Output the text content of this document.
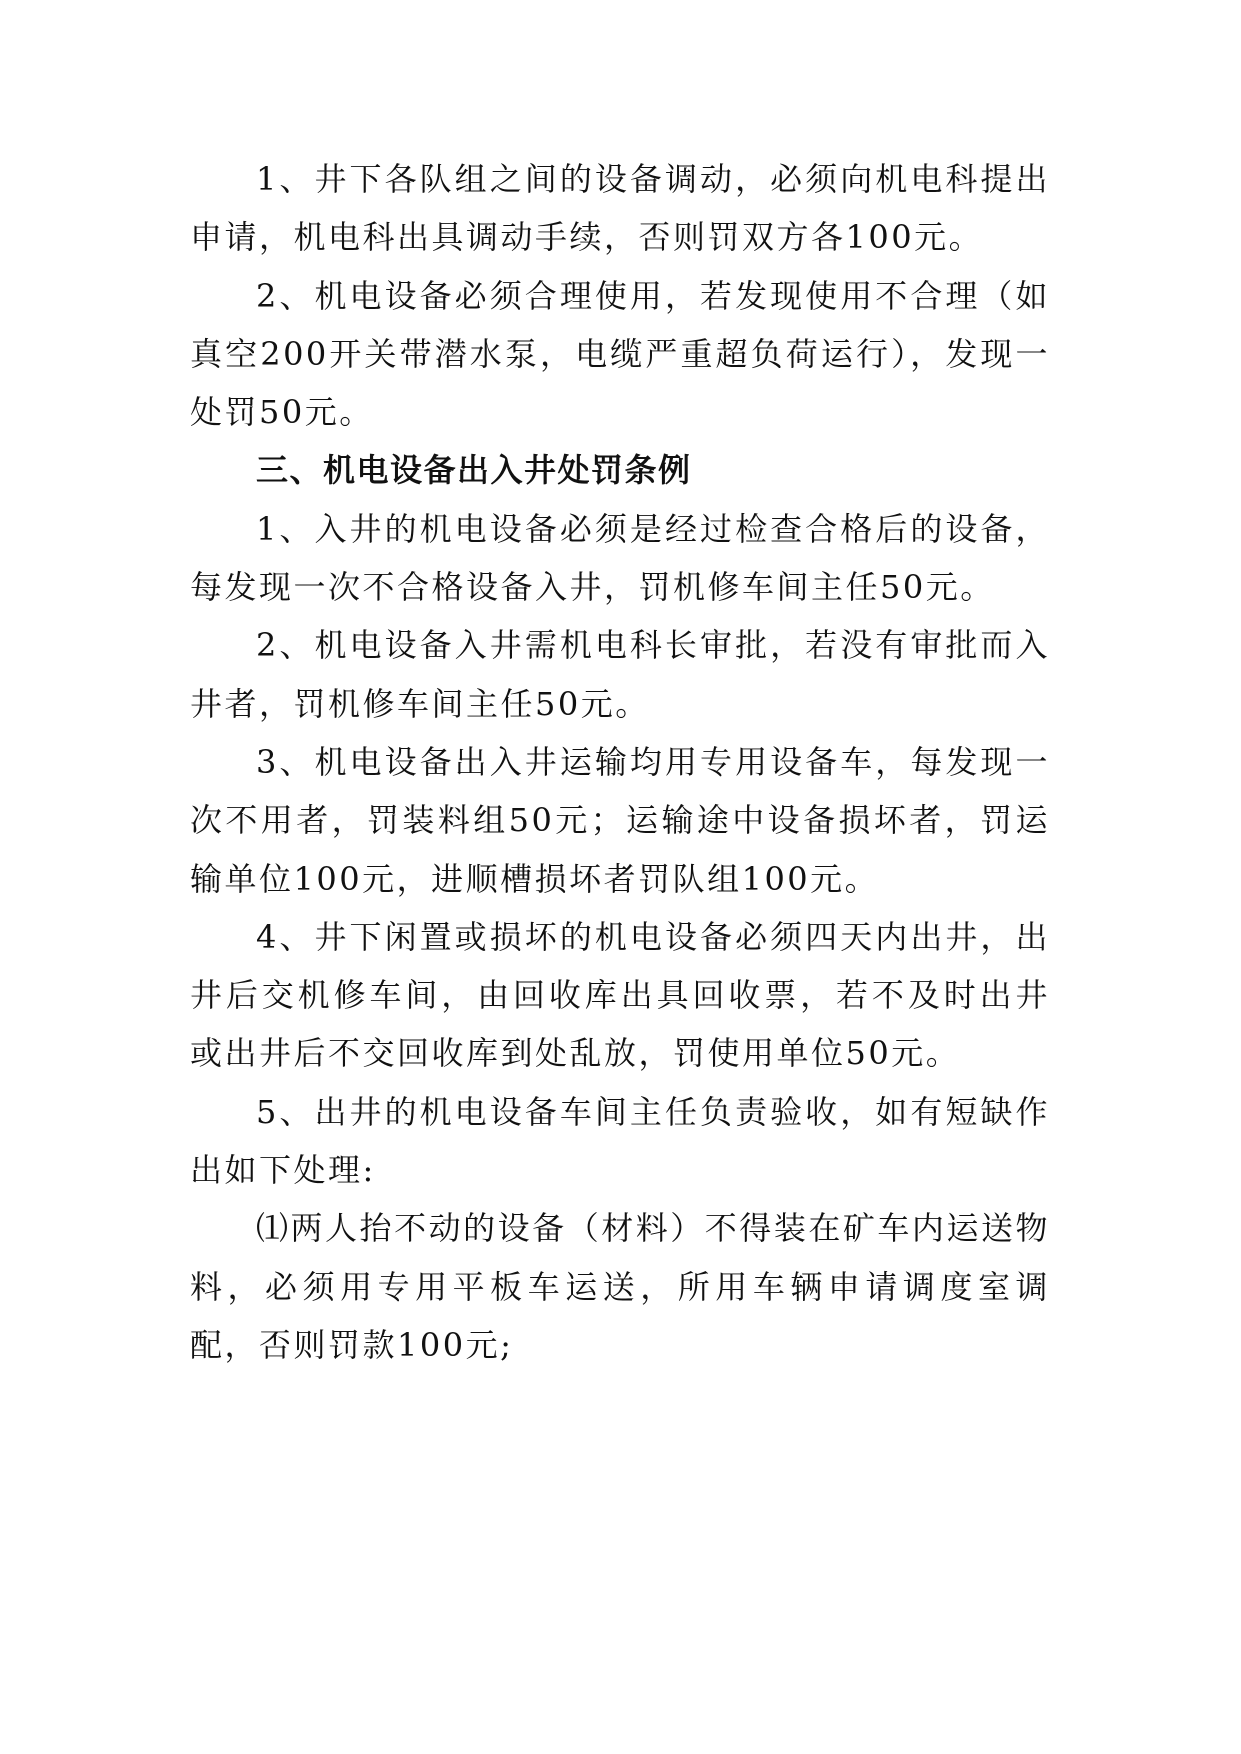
1、井下各队组之间的设备调动，必须向机电科提出申请，机电科出具调动手续，否则罚双方各100元。

2、机电设备必须合理使用，若发现使用不合理（如真空200开关带潜水泵，电缆严重超负荷运行），发现一处罚50元。

三、机电设备出入井处罚条例

1、入井的机电设备必须是经过检查合格后的设备，每发现一次不合格设备入井，罚机修车间主任50元。

2、机电设备入井需机电科长审批，若没有审批而入井者，罚机修车间主任50元。

3、机电设备出入井运输均用专用设备车，每发现一次不用者，罚装料组50元；运输途中设备损坏者，罚运输单位100元，进顺槽损坏者罚队组100元。

4、井下闲置或损坏的机电设备必须四天内出井，出井后交机修车间，由回收库出具回收票，若不及时出井或出井后不交回收库到处乱放，罚使用单位50元。

5、出井的机电设备车间主任负责验收，如有短缺作出如下处理:

⑴两人抬不动的设备（材料）不得装在矿车内运送物料，必须用专用平板车运送，所用车辆申请调度室调配，否则罚款100元;
